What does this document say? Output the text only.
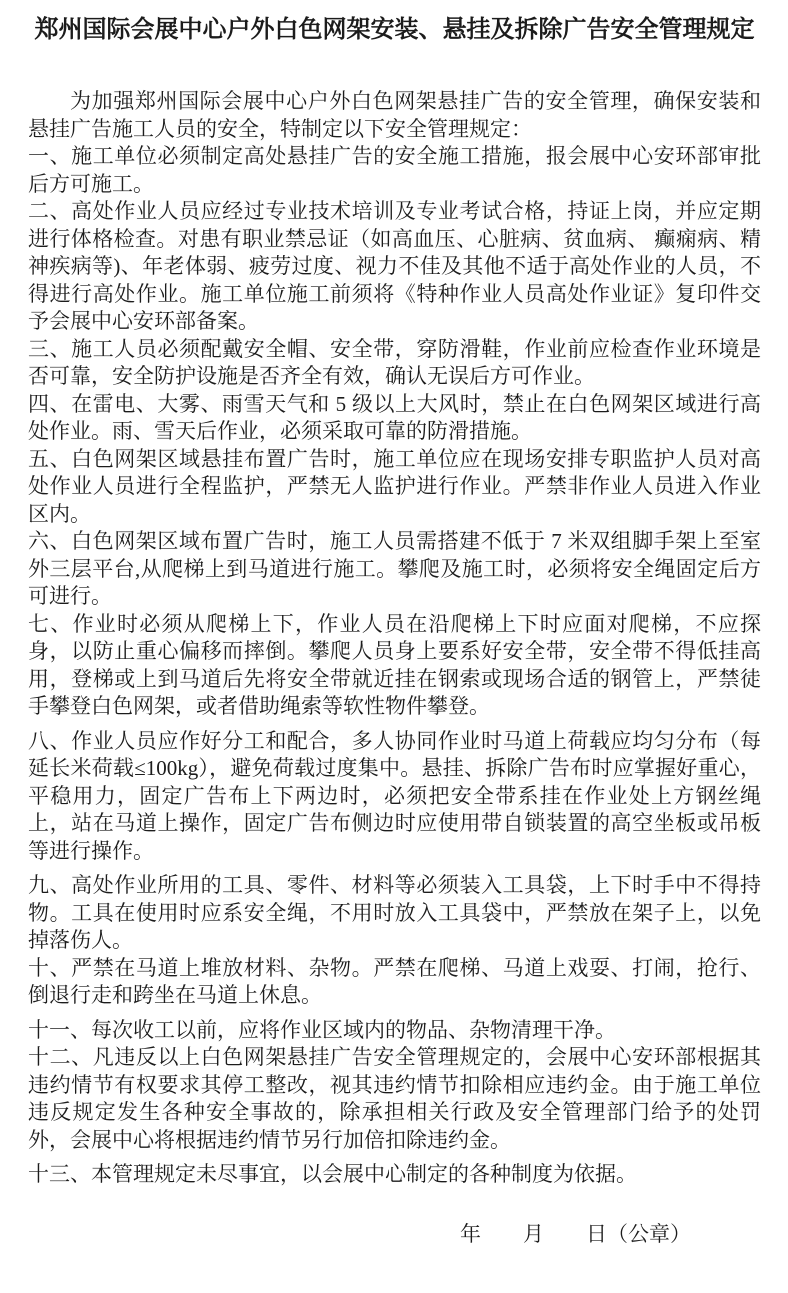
郑州国际会展中心户外白色网架安装、悬挂及拆除广告安全管理规定

为加强郑州国际会展中心户外白色网架悬挂广告的安全管理，确保安装和悬挂广告施工人员的安全，特制定以下安全管理规定：

一、施工单位必须制定高处悬挂广告的安全施工措施，报会展中心安环部审批后方可施工。

二、高处作业人员应经过专业技术培训及专业考试合格，持证上岗，并应定期进行体格检查。对患有职业禁忌证（如高血压、心脏病、贫血病、 癫痫病、精神疾病等)、年老体弱、疲劳过度、视力不佳及其他不适于高处作业的人员，不得进行高处作业。施工单位施工前须将《特种作业人员高处作业证》复印件交予会展中心安环部备案。

三、施工人员必须配戴安全帽、安全带，穿防滑鞋，作业前应检查作业环境是否可靠，安全防护设施是否齐全有效，确认无误后方可作业。

四、在雷电、大雾、雨雪天气和 5 级以上大风时，禁止在白色网架区域进行高处作业。雨、雪天后作业，必须采取可靠的防滑措施。

五、白色网架区域悬挂布置广告时，施工单位应在现场安排专职监护人员对高处作业人员进行全程监护，严禁无人监护进行作业。严禁非作业人员进入作业区内。

六、白色网架区域布置广告时，施工人员需搭建不低于 7 米双组脚手架上至室外三层平台,从爬梯上到马道进行施工。攀爬及施工时，必须将安全绳固定后方可进行。

七、作业时必须从爬梯上下，作业人员在沿爬梯上下时应面对爬梯，不应探身，以防止重心偏移而摔倒。攀爬人员身上要系好安全带，安全带不得低挂高用，登梯或上到马道后先将安全带就近挂在钢索或现场合适的钢管上，严禁徒手攀登白色网架，或者借助绳索等软性物件攀登。

八、作业人员应作好分工和配合，多人协同作业时马道上荷载应均匀分布（每延长米荷载≤100kg），避免荷载过度集中。悬挂、拆除广告布时应掌握好重心，平稳用力，固定广告布上下两边时，必须把安全带系挂在作业处上方钢丝绳上，站在马道上操作，固定广告布侧边时应使用带自锁装置的高空坐板或吊板等进行操作。

九、高处作业所用的工具、零件、材料等必须装入工具袋，上下时手中不得持物。工具在使用时应系安全绳，不用时放入工具袋中，严禁放在架子上，以免掉落伤人。

十、严禁在马道上堆放材料、杂物。严禁在爬梯、马道上戏耍、打闹，抢行、倒退行走和跨坐在马道上休息。

十一、每次收工以前，应将作业区域内的物品、杂物清理干净。

十二、凡违反以上白色网架悬挂广告安全管理规定的，会展中心安环部根据其违约情节有权要求其停工整改，视其违约情节扣除相应违约金。由于施工单位违反规定发生各种安全事故的，除承担相关行政及安全管理部门给予的处罚外，会展中心将根据违约情节另行加倍扣除违约金。

十三、本管理规定未尽事宜，以会展中心制定的各种制度为依据。

年　　月　　日（公章）
